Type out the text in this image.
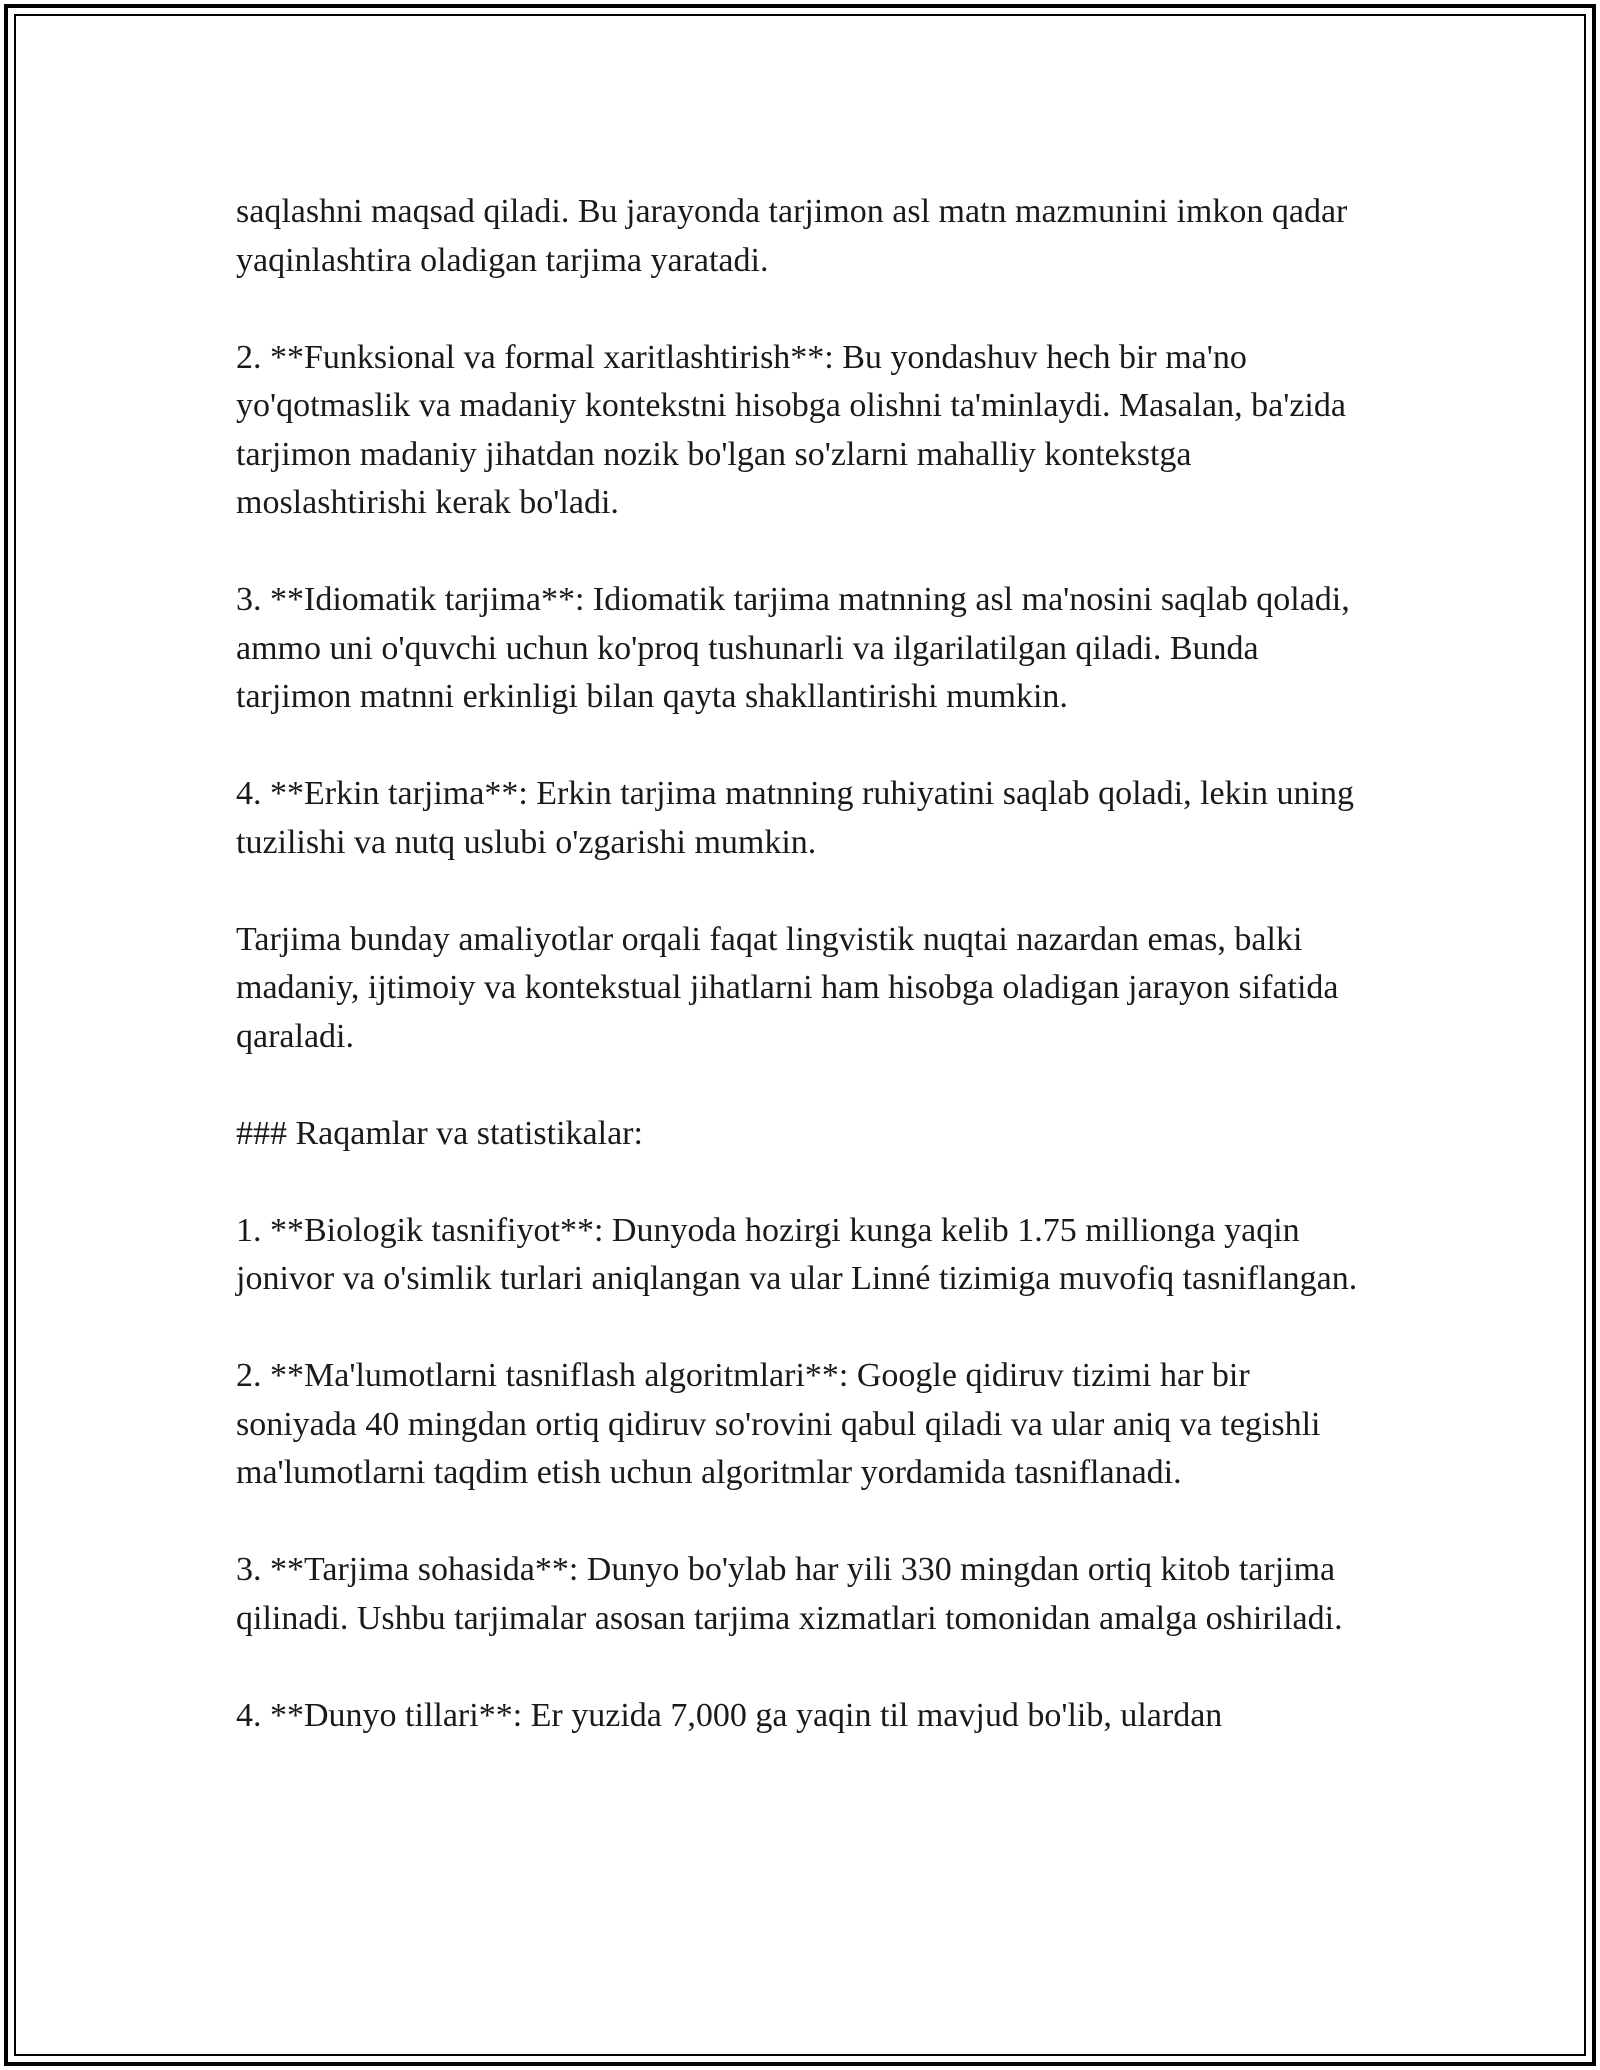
saqlashni maqsad qiladi. Bu jarayonda tarjimon asl matn mazmunini imkon qadar yaqinlashtira oladigan tarjima yaratadi.

2. **Funksional va formal xaritlashtirish**: Bu yondashuv hech bir ma'no yo'qotmaslik va madaniy kontekstni hisobga olishni ta'minlaydi. Masalan, ba'zida tarjimon madaniy jihatdan nozik bo'lgan so'zlarni mahalliy kontekstga moslashtirishi kerak bo'ladi.

3. **Idiomatik tarjima**: Idiomatik tarjima matnning asl ma'nosini saqlab qoladi, ammo uni o'quvchi uchun ko'proq tushunarli va ilgarilatilgan qiladi. Bunda tarjimon matnni erkinligi bilan qayta shakllantirishi mumkin.

4. **Erkin tarjima**: Erkin tarjima matnning ruhiyatini saqlab qoladi, lekin uning tuzilishi va nutq uslubi o'zgarishi mumkin.

Tarjima bunday amaliyotlar orqali faqat lingvistik nuqtai nazardan emas, balki madaniy, ijtimoiy va kontekstual jihatlarni ham hisobga oladigan jarayon sifatida qaraladi.

### Raqamlar va statistikalar:

1. **Biologik tasnifiyot**: Dunyoda hozirgi kunga kelib 1.75 millionga yaqin jonivor va o'simlik turlari aniqlangan va ular Linné tizimiga muvofiq tasniflangan.

2. **Ma'lumotlarni tasniflash algoritmlari**: Google qidiruv tizimi har bir soniyada 40 mingdan ortiq qidiruv so'rovini qabul qiladi va ular aniq va tegishli ma'lumotlarni taqdim etish uchun algoritmlar yordamida tasniflanadi.

3. **Tarjima sohasida**: Dunyo bo'ylab har yili 330 mingdan ortiq kitob tarjima qilinadi. Ushbu tarjimalar asosan tarjima xizmatlari tomonidan amalga oshiriladi.

4. **Dunyo tillari**: Er yuzida 7,000 ga yaqin til mavjud bo'lib, ulardan
